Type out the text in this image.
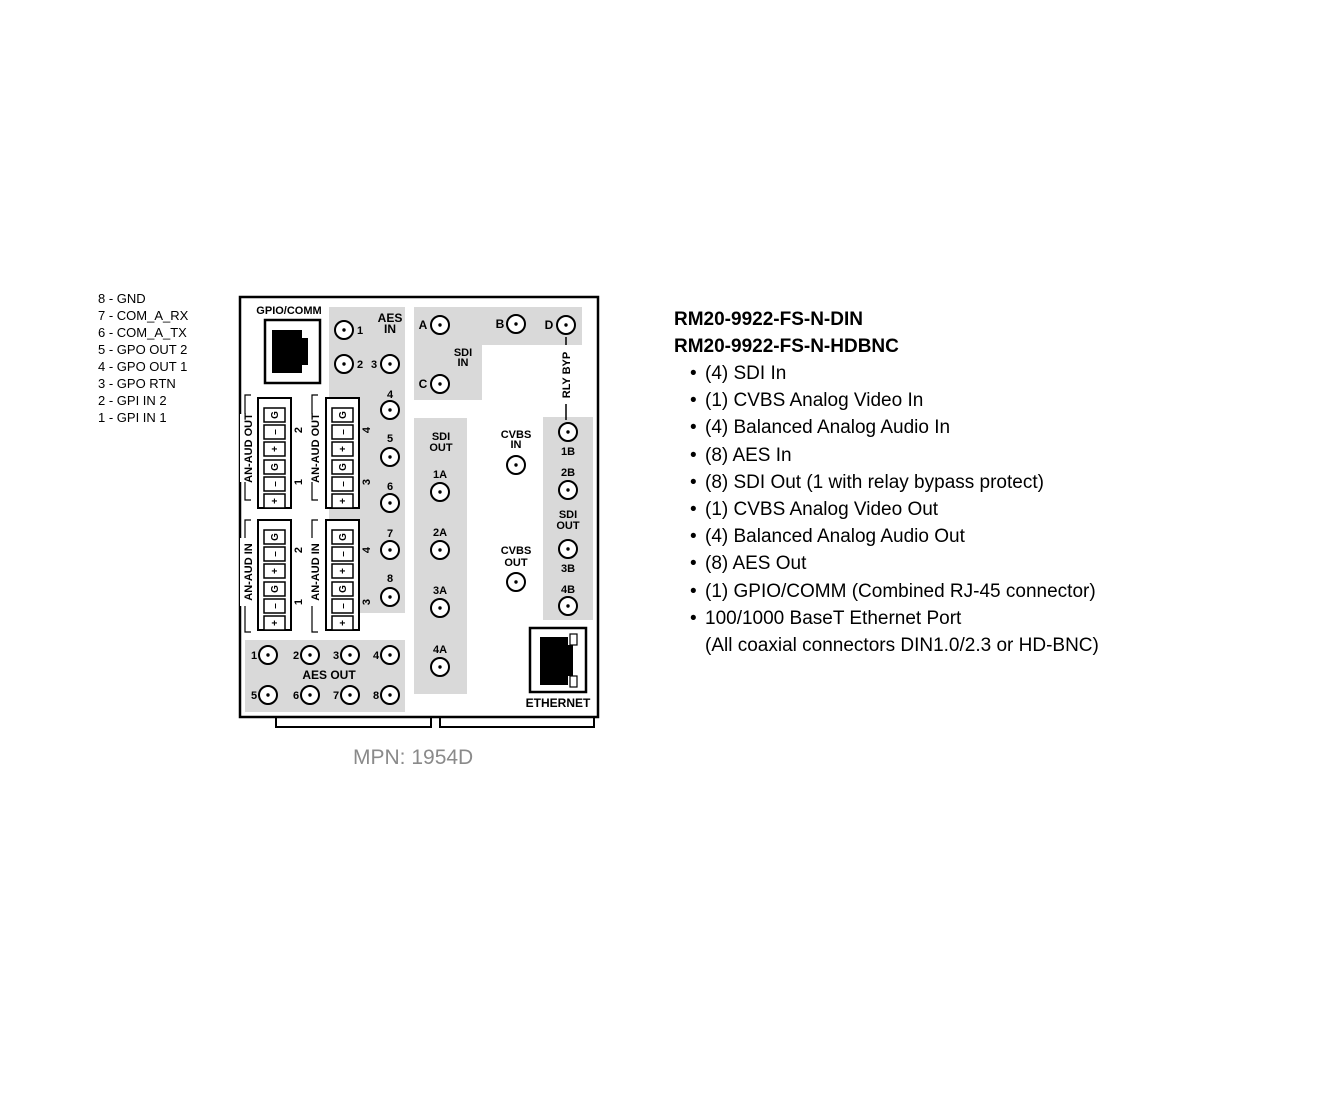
8 - GND
7 - COM_A_RX
6 - COM_A_TX
5 - GPO OUT 2
4 - GPO OUT 1
3 - GPO RTN
2 - GPI IN 2
1 - GPI IN 1
GPIO/COMM	AES
IN
1
2 3
4
5
6
7
8
A	B
C
D
SDI
IN	RLY BYP
SDI
OUT
1A
2A
3A
4A
1B
2B
3B
4B
SDI
OUT
CVBS
IN
CVBS
OUT
AN-AUD OUT	AN-AUD OUT
AN-AUD IN	AN-AUD IN
G
–
+
G
–
+
G
–
+
G
–
+
G
–
+
G
–
+
G
–
+
G
–
+
2
1
4
3
2
1
4
3
1	2	3	4
5	6	7	8
AES OUT
ETHERNET
MPN: 1954D
RM20-9922-FS-N-DIN
RM20-9922-FS-N-HDBNC
• (4) SDI In
• (1) CVBS Analog Video In
• (4) Balanced Analog Audio In
• (8) AES In
• (8) SDI Out (1 with relay bypass protect)
• (1) CVBS Analog Video Out
• (4) Balanced Analog Audio Out
• (8) AES Out
• (1) GPIO/COMM (Combined RJ-45 connector)
• 100/1000 BaseT Ethernet Port
(All coaxial connectors DIN1.0/2.3 or HD-BNC)
